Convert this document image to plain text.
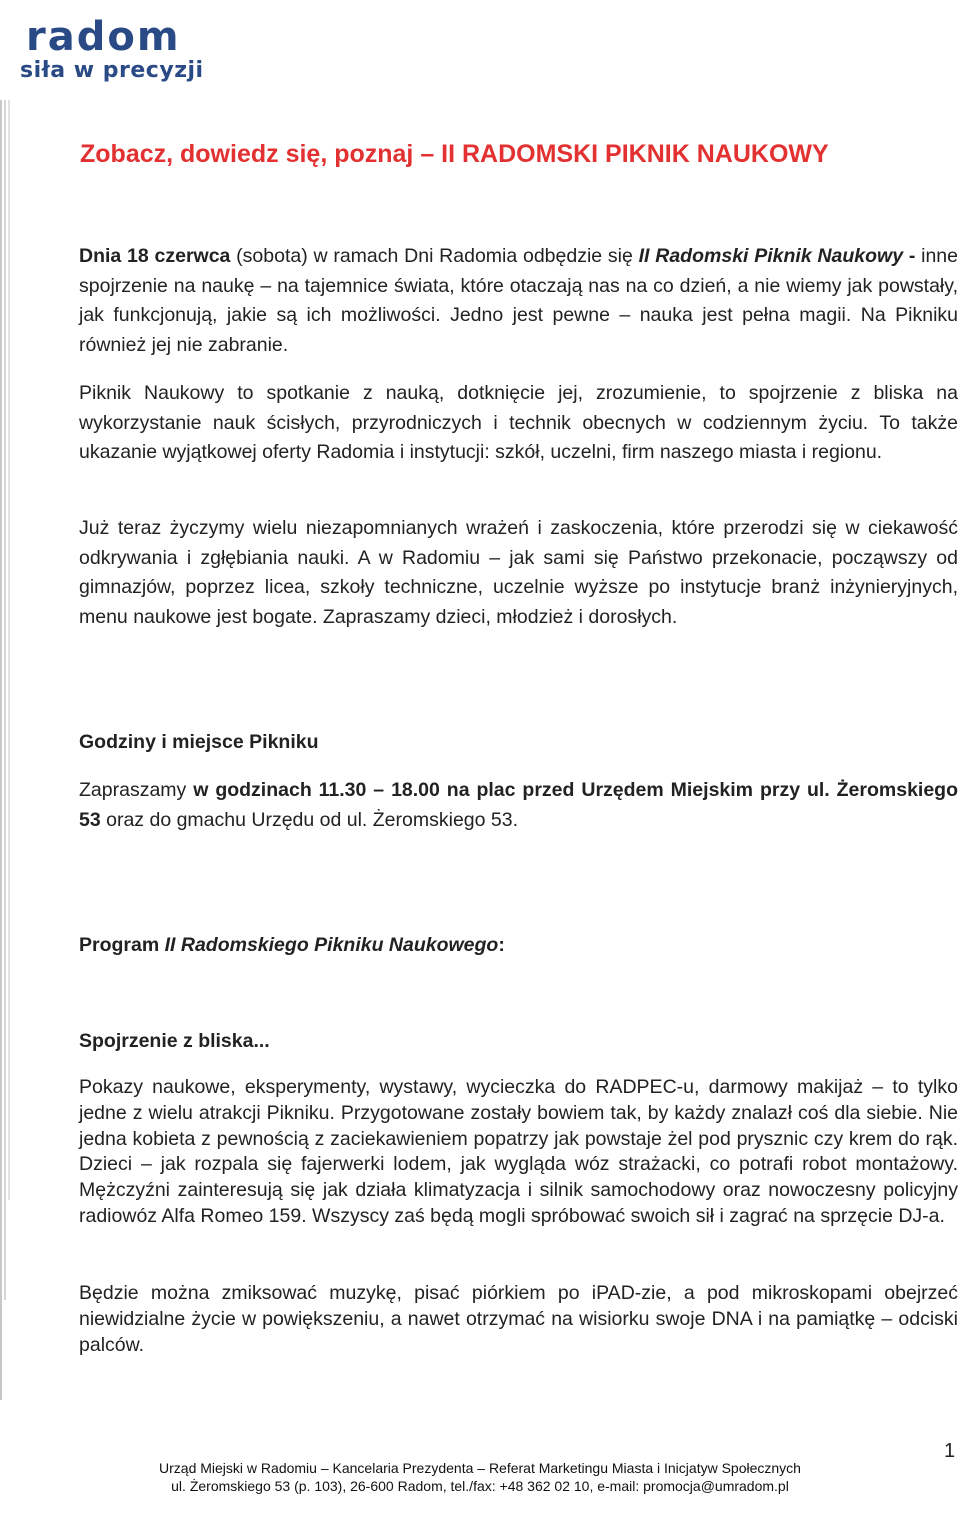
radom
siła w precyzji
Zobacz, dowiedz się, poznaj – II RADOMSKI PIKNIK NAUKOWY

Dnia 18 czerwca (sobota) w ramach Dni Radomia odbędzie się II Radomski Piknik Naukowy - inne spojrzenie na naukę – na tajemnice świata, które otaczają nas na co dzień, a nie wiemy jak powstały, jak funkcjonują, jakie są ich możliwości. Jedno jest pewne – nauka jest pełna magii. Na Pikniku również jej nie zabranie.

Piknik Naukowy to spotkanie z nauką, dotknięcie jej, zrozumienie, to spojrzenie z bliska na wykorzystanie nauk ścisłych, przyrodniczych i technik obecnych w codziennym życiu. To także ukazanie wyjątkowej oferty Radomia i instytucji: szkół, uczelni, firm naszego miasta i regionu.

Już teraz życzymy wielu niezapomnianych wrażeń i zaskoczenia, które przerodzi się w ciekawość odkrywania i zgłębiania nauki. A w Radomiu – jak sami się Państwo przekonacie, począwszy od gimnazjów, poprzez licea, szkoły techniczne, uczelnie wyższe po instytucje branż inżynieryjnych, menu naukowe jest bogate. Zapraszamy dzieci, młodzież i dorosłych.

Godziny i miejsce Pikniku

Zapraszamy w godzinach 11.30 – 18.00 na plac przed Urzędem Miejskim przy ul. Żeromskiego 53 oraz do gmachu Urzędu od ul. Żeromskiego 53.

Program II Radomskiego Pikniku Naukowego:
Spojrzenie z bliska...

Pokazy naukowe, eksperymenty, wystawy, wycieczka do RADPEC-u, darmowy makijaż – to tylko jedne z wielu atrakcji Pikniku. Przygotowane zostały bowiem tak, by każdy znalazł coś dla siebie. Nie jedna kobieta z pewnością z zaciekawieniem popatrzy jak powstaje żel pod prysznic czy krem do rąk. Dzieci – jak rozpala się fajerwerki lodem, jak wygląda wóz strażacki, co potrafi robot montażowy. Mężczyźni zainteresują się jak działa klimatyzacja i silnik samochodowy oraz nowoczesny policyjny radiowóz Alfa Romeo 159. Wszyscy zaś będą mogli spróbować swoich sił i zagrać na sprzęcie DJ-a.

Będzie można zmiksować muzykę, pisać piórkiem po iPAD-zie, a pod mikroskopami obejrzeć niewidzialne życie w powiększeniu, a nawet otrzymać na wisiorku swoje DNA i na pamiątkę – odciski palców.

1
Urząd Miejski w Radomiu – Kancelaria Prezydenta – Referat Marketingu Miasta i Inicjatyw Społecznych
ul. Żeromskiego 53 (p. 103), 26-600 Radom, tel./fax: +48 362 02 10, e-mail: promocja@umradom.pl
